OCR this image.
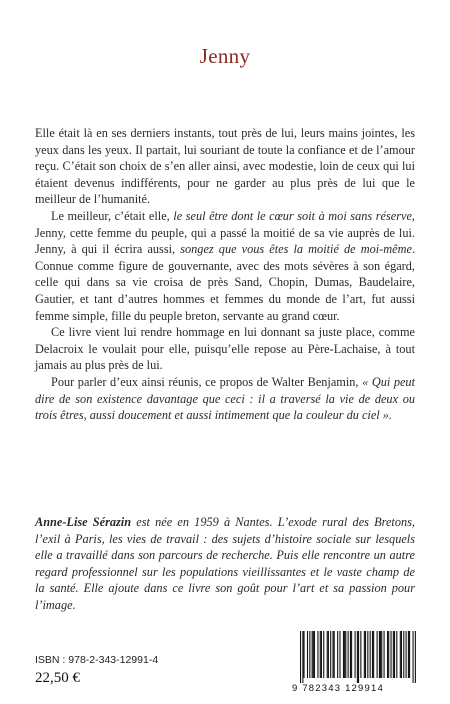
Jenny

Elle était là en ses derniers instants, tout près de lui, leurs mains jointes, les yeux dans les yeux. Il partait, lui souriant de toute la confiance et de l’amour reçu. C’était son choix de s’en aller ainsi, avec modestie, loin de ceux qui lui étaient devenus indifférents, pour ne garder au plus près de lui que le meilleur de l’humanité.

Le meilleur, c’était elle, le seul être dont le cœur soit à moi sans réserve, Jenny, cette femme du peuple, qui a passé la moitié de sa vie auprès de lui. Jenny, à qui il écrira aussi, songez que vous êtes la moitié de moi-même. Connue comme figure de gouvernante, avec des mots sévères à son égard, celle qui dans sa vie croisa de près Sand, Chopin, Dumas, Baudelaire, Gautier, et tant d’autres hommes et femmes du monde de l’art, fut aussi femme simple, fille du peuple breton, servante au grand cœur.

Ce livre vient lui rendre hommage en lui donnant sa juste place, comme Delacroix le voulait pour elle, puisqu’elle repose au Père-Lachaise, à tout jamais au plus près de lui.

Pour parler d’eux ainsi réunis, ce propos de Walter Benjamin, « Qui peut dire de son existence davantage que ceci : il a traversé la vie de deux ou trois êtres, aussi doucement et aussi intimement que la couleur du ciel ».

Anne-Lise Sérazin est née en 1959 à Nantes. L’exode rural des Bretons, l’exil à Paris, les vies de travail : des sujets d’histoire sociale sur lesquels elle a travaillé dans son parcours de recherche. Puis elle rencontre un autre regard professionnel sur les populations vieillissantes et le vaste champ de la santé. Elle ajoute dans ce livre son goût pour l’art et sa passion pour l’image.
ISBN : 978-2-343-12991-4
22,50 €
9 782343 129914
